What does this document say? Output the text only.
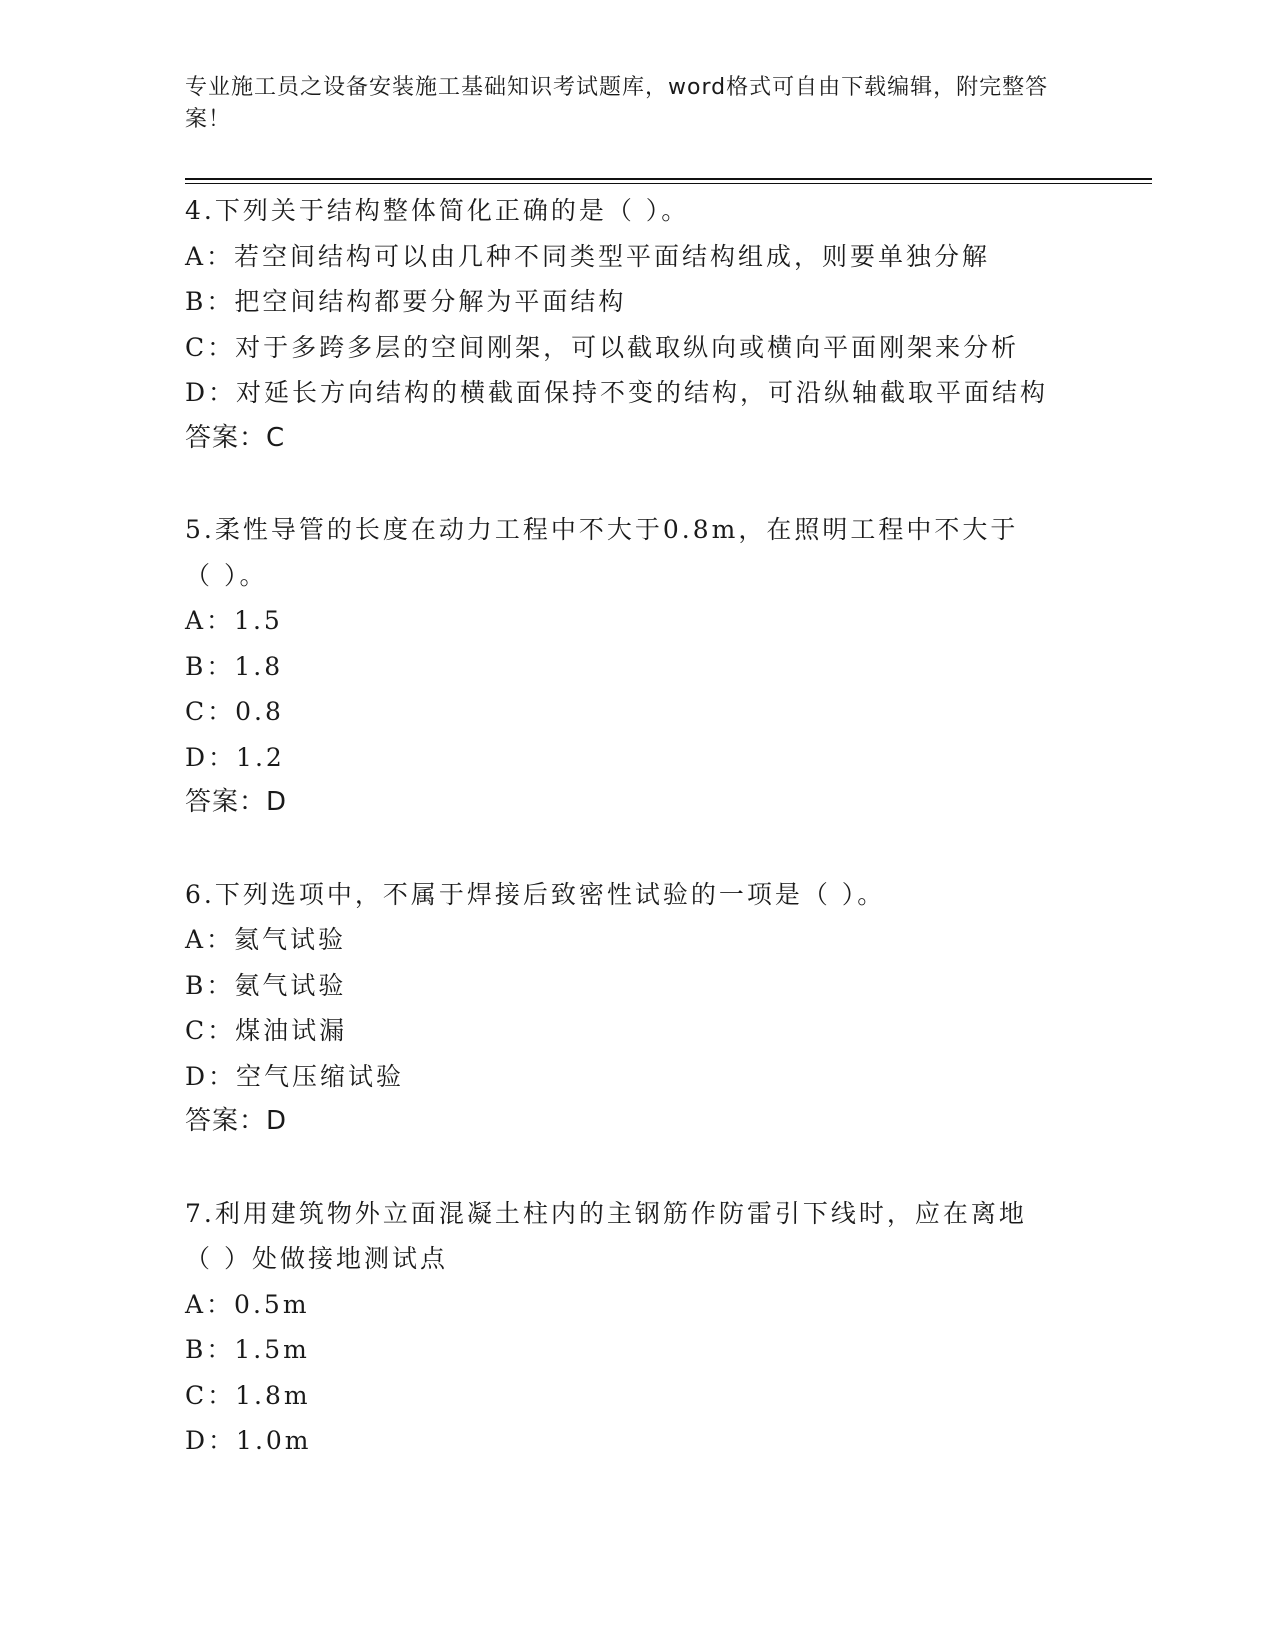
专业施工员之设备安装施工基础知识考试题库，word格式可自由下载编辑，附完整答案！
4.下列关于结构整体简化正确的是（ ）。
A：若空间结构可以由几种不同类型平面结构组成，则要单独分解
B：把空间结构都要分解为平面结构
C：对于多跨多层的空间刚架，可以截取纵向或横向平面刚架来分析
D：对延长方向结构的横截面保持不变的结构，可沿纵轴截取平面结构
答案：C
5.柔性导管的长度在动力工程中不大于0.8m，在照明工程中不大于（ ）。
A：1.5
B：1.8
C：0.8
D：1.2
答案：D
6.下列选项中，不属于焊接后致密性试验的一项是（ ）。
A：氦气试验
B：氨气试验
C：煤油试漏
D：空气压缩试验
答案：D
7.利用建筑物外立面混凝土柱内的主钢筋作防雷引下线时，应在离地（ ）处做接地测试点
A：0.5m
B：1.5m
C：1.8m
D：1.0m
